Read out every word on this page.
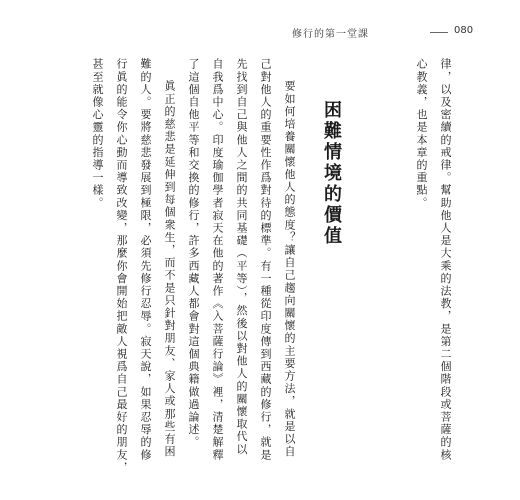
修行的第一堂課	080
律，以及密續的戒律。幫助他人是大乘的法教，是第二個階段或菩薩的核
心教義，也是本章的重點。
困難情境的價值
要如何培養關懷他人的態度？讓自己趨向關懷的主要方法，就是以自
己對他人的重要性作爲對待的標準。有一種從印度傳到西藏的修行，就是
先找到自己與他人之間的共同基礎（平等），然後以對他人的關懷取代以
自我爲中心。印度瑜伽學者寂天在他的著作《入菩薩行論》裡，清楚解釋
了這個自他平等和交換的修行，許多西藏人都會對這個典籍做過論述。
眞正的慈悲是延伸到每個衆生，而不是只針對朋友、家人或那些有困
難的人。要將慈悲發展到極限，必須先修行忍辱。寂天說，如果忍辱的修
行眞的能令你心動而導致改變，那麼你會開始把敵人視爲自己最好的朋友，
甚至就像心靈的指導一樣。
